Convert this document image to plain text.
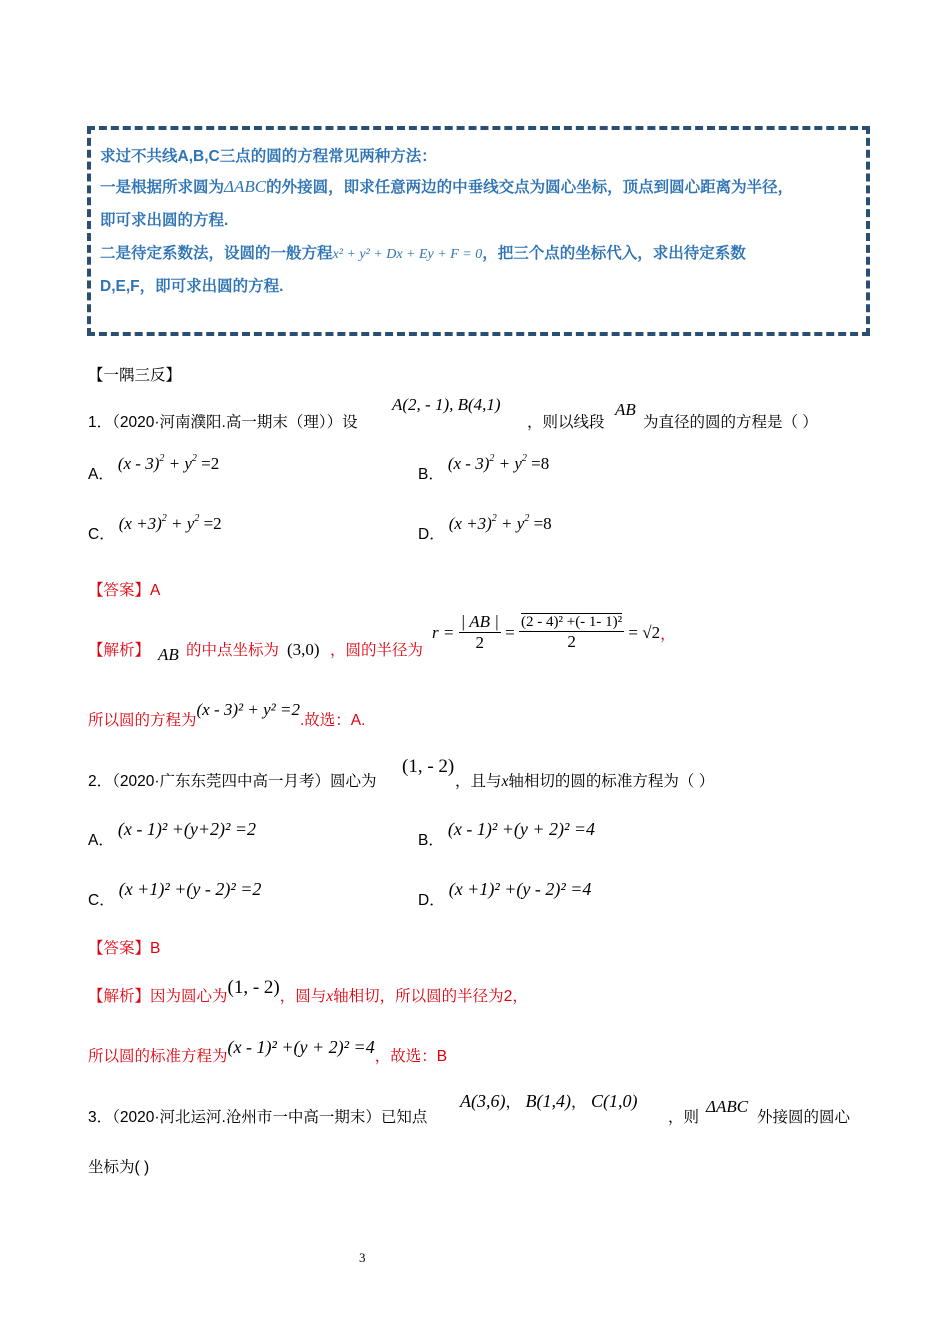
求过不共线A,B,C三点的圆的方程常见两种方法：
一是根据所求圆为ΔABC的外接圆，即求任意两边的中垂线交点为圆心坐标，顶点到圆心距离为半径，
即可求出圆的方程.
二是待定系数法，设圆的一般方程x² + y² + Dx + Ey + F = 0，把三个点的坐标代入，求出待定系数
D,E,F，即可求出圆的方程.
【一隅三反】
1．（2020·河南濮阳.高一期末（理））设
A(2, - 1), B(4,1)
，则以线段
AB
为直径的圆的方程是（ ）
A． $(x - 3)^2 + y^2 =2$
B． $(x - 3)^2 + y^2 =8$
C． $(x +3)^2 + y^2 =2$
D． $(x +3)^2 + y^2 =8$
【答案】A
【解析】 AB 的中点坐标为 (3,0) ，圆的半径为
$r = \frac{| AB |}{2} = \frac{\text{(2 - 4)² +(- 1- 1)²}}{2} = √2$，
所以圆的方程为(x - 3)² + y² =2.故选：A.
2．（2020·广东东莞四中高一月考）圆心为
(1, - 2)
，且与x轴相切的圆的标准方程为（ ）
A． (x - 1)² +(y+2)² =2
B． (x - 1)² +(y + 2)² =4
C． (x +1)² +(y - 2)² =2
D． (x +1)² +(y - 2)² =4
【答案】B
【解析】因为圆心为(1, - 2)，圆与x轴相切，所以圆的半径为2，
所以圆的标准方程为(x - 1)² +(y + 2)² =4，故选：B
3．（2020·河北运河.沧州市一中高一期末）已知点
A(3,6)， B(1,4)， C(1,0)
，则
ΔABC
外接圆的圆心
坐标为( )
3
